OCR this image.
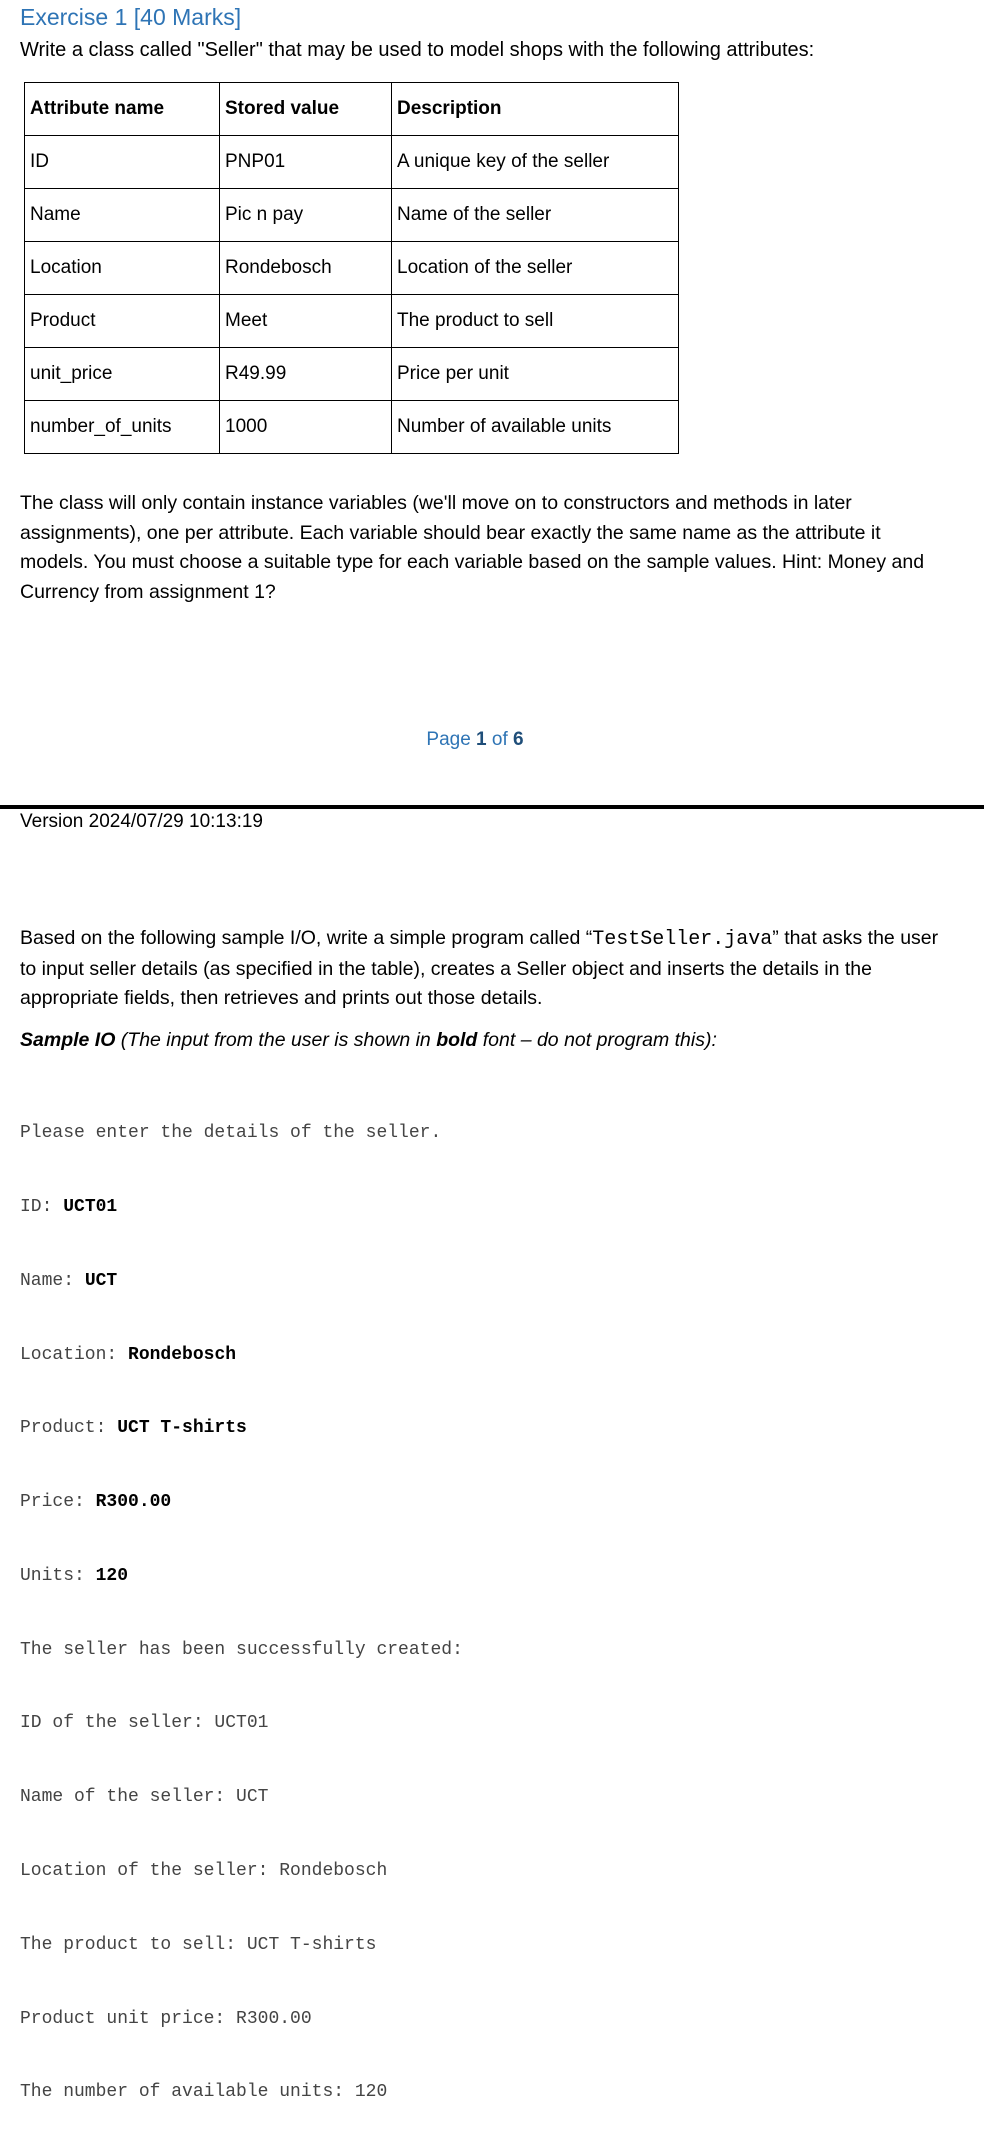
Exercise 1 [40 Marks]
Write a class called "Seller" that may be used to model shops with the following attributes:
Attribute name	Stored value	Description
ID	PNP01	A unique key of the seller
Name	Pic n pay	Name of the seller
Location	Rondebosch	Location of the seller
Product	Meet	The product to sell
unit_price	R49.99	Price per unit
number_of_units	1000	Number of available units
The class will only contain instance variables (we'll move on to constructors and methods in later assignments), one per attribute. Each variable should bear exactly the same name as the attribute it models. You must choose a suitable type for each variable based on the sample values. Hint: Money and Currency from assignment 1?
Page 1 of 6
Version 2024/07/29 10:13:19
Based on the following sample I/O, write a simple program called “TestSeller.java” that asks the user to input seller details (as specified in the table), creates a Seller object and inserts the details in the appropriate fields, then retrieves and prints out those details.
Sample IO (The input from the user is shown in bold font – do not program this):

Please enter the details of the seller.

ID: UCT01

Name: UCT

Location: Rondebosch

Product: UCT T-shirts

Price: R300.00

Units: 120

The seller has been successfully created:

ID of the seller: UCT01

Name of the seller: UCT

Location of the seller: Rondebosch

The product to sell: UCT T-shirts

Product unit price: R300.00

The number of available units: 120
